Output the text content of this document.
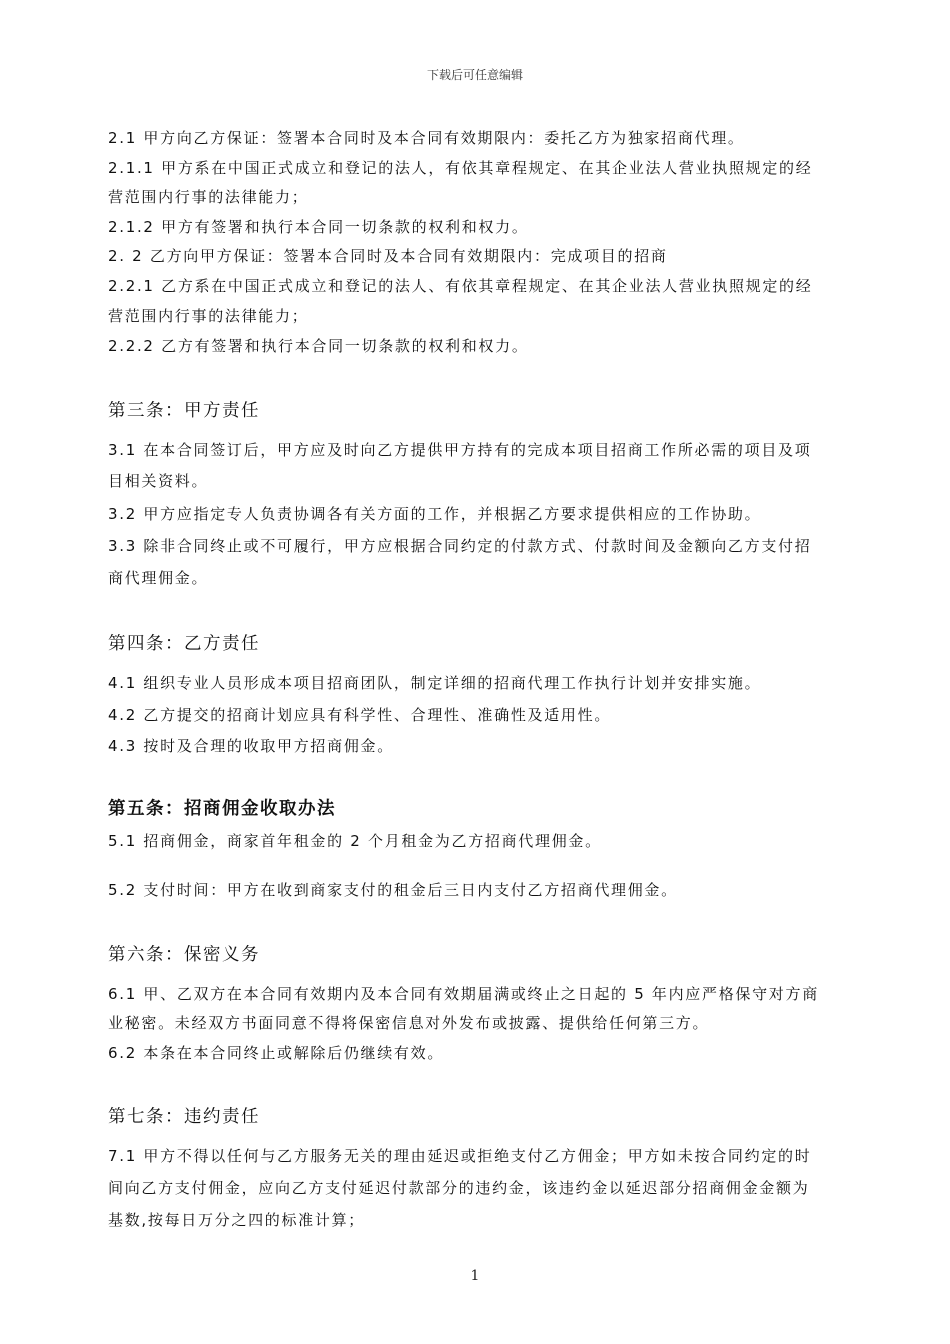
下载后可任意编辑
2.1 甲方向乙方保证：签署本合同时及本合同有效期限内：委托乙方为独家招商代理。
2.1.1 甲方系在中国正式成立和登记的法人，有依其章程规定、在其企业法人营业执照规定的经
营范围内行事的法律能力；
2.1.2 甲方有签署和执行本合同一切条款的权利和权力。
2. 2 乙方向甲方保证：签署本合同时及本合同有效期限内：完成项目的招商
2.2.1 乙方系在中国正式成立和登记的法人、有依其章程规定、在其企业法人营业执照规定的经
营范围内行事的法律能力；
2.2.2 乙方有签署和执行本合同一切条款的权利和权力。
第三条：甲方责任
3.1 在本合同签订后，甲方应及时向乙方提供甲方持有的完成本项目招商工作所必需的项目及项
目相关资料。
3.2 甲方应指定专人负责协调各有关方面的工作，并根据乙方要求提供相应的工作协助。
3.3 除非合同终止或不可履行，甲方应根据合同约定的付款方式、付款时间及金额向乙方支付招
商代理佣金。
第四条：乙方责任
4.1 组织专业人员形成本项目招商团队，制定详细的招商代理工作执行计划并安排实施。
4.2 乙方提交的招商计划应具有科学性、合理性、准确性及适用性。
4.3 按时及合理的收取甲方招商佣金。
第五条：招商佣金收取办法
5.1 招商佣金，商家首年租金的 2 个月租金为乙方招商代理佣金。
5.2 支付时间：甲方在收到商家支付的租金后三日内支付乙方招商代理佣金。
第六条：保密义务
6.1 甲、乙双方在本合同有效期内及本合同有效期届满或终止之日起的 5 年内应严格保守对方商
业秘密。未经双方书面同意不得将保密信息对外发布或披露、提供给任何第三方。
6.2 本条在本合同终止或解除后仍继续有效。
第七条：违约责任
7.1 甲方不得以任何与乙方服务无关的理由延迟或拒绝支付乙方佣金；甲方如未按合同约定的时
间向乙方支付佣金，应向乙方支付延迟付款部分的违约金，该违约金以延迟部分招商佣金金额为
基数,按每日万分之四的标准计算；
1
